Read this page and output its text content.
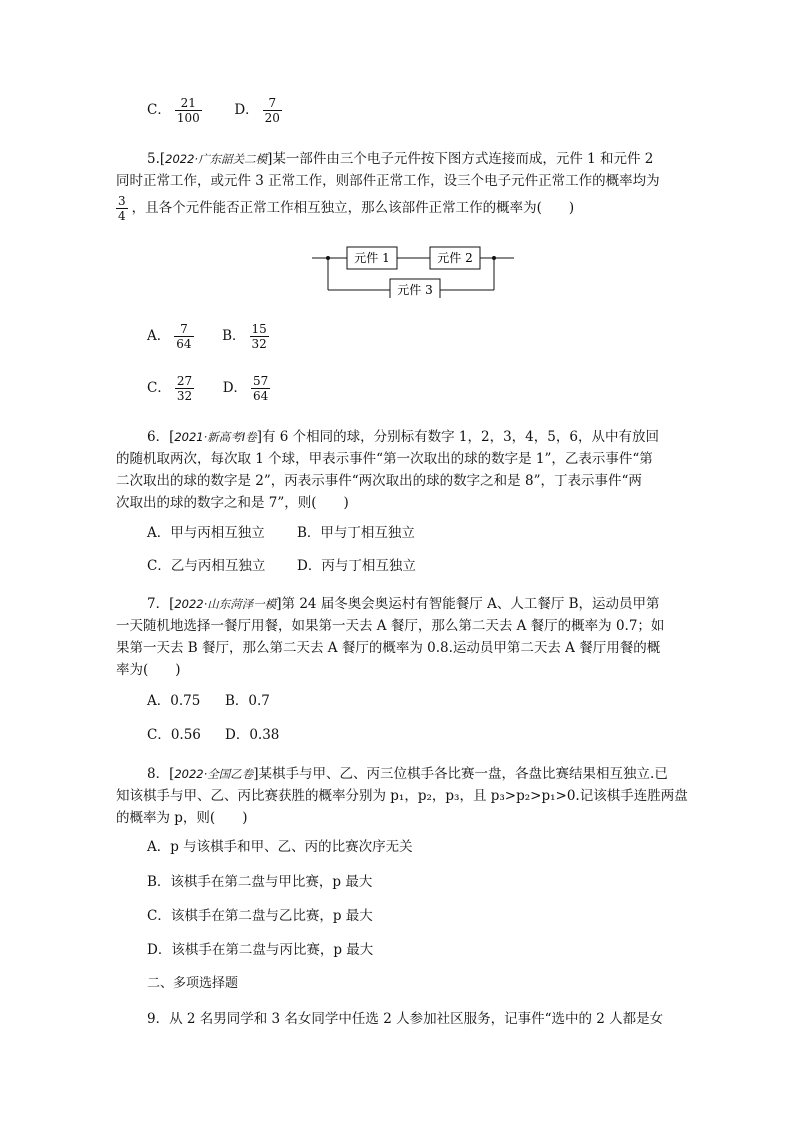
C． $\frac{21}{100}$ D． $\frac{7}{20}$
5.[2022·广东韶关二模]某一部件由三个电子元件按下图方式连接而成，元件 1 和元件 2
同时正常工作，或元件 3 正常工作，则部件正常工作，设三个电子元件正常工作的概率均为
$\frac{3}{4}$ ，且各个元件能否正常工作相互独立，那么该部件正常工作的概率为(　　)
元件 1	元件 2
元件 3
A． $\frac{7}{64}$ B． $\frac{15}{32}$
C． $\frac{27}{32}$ D． $\frac{57}{64}$
6．[2021·新高考Ⅰ卷]有 6 个相同的球，分别标有数字 1，2，3，4，5，6，从中有放回
的随机取两次，每次取 1 个球，甲表示事件“第一次取出的球的数字是 1”，乙表示事件“第
二次取出的球的数字是 2”，丙表示事件“两次取出的球的数字之和是 8”，丁表示事件“两
次取出的球的数字之和是 7”，则(　　)
A．甲与丙相互独立 B．甲与丁相互独立
C．乙与丙相互独立 D．丙与丁相互独立
7．[2022·山东菏泽一模]第 24 届冬奥会奥运村有智能餐厅 A、人工餐厅 B，运动员甲第
一天随机地选择一餐厅用餐，如果第一天去 A 餐厅，那么第二天去 A 餐厅的概率为 0.7；如
果第一天去 B 餐厅，那么第二天去 A 餐厅的概率为 0.8.运动员甲第二天去 A 餐厅用餐的概
率为(　　)
A．0.75 B．0.7
C．0.56 D．0.38
8．[2022·全国乙卷]某棋手与甲、乙、丙三位棋手各比赛一盘，各盘比赛结果相互独立.已
知该棋手与甲、乙、丙比赛获胜的概率分别为 p₁，p₂，p₃，且 p₃>p₂>p₁>0.记该棋手连胜两盘
的概率为 p，则(　　)
A．p 与该棋手和甲、乙、丙的比赛次序无关
B．该棋手在第二盘与甲比赛，p 最大
C．该棋手在第二盘与乙比赛，p 最大
D．该棋手在第二盘与丙比赛，p 最大
二、多项选择题
9．从 2 名男同学和 3 名女同学中任选 2 人参加社区服务，记事件“选中的 2 人都是女
